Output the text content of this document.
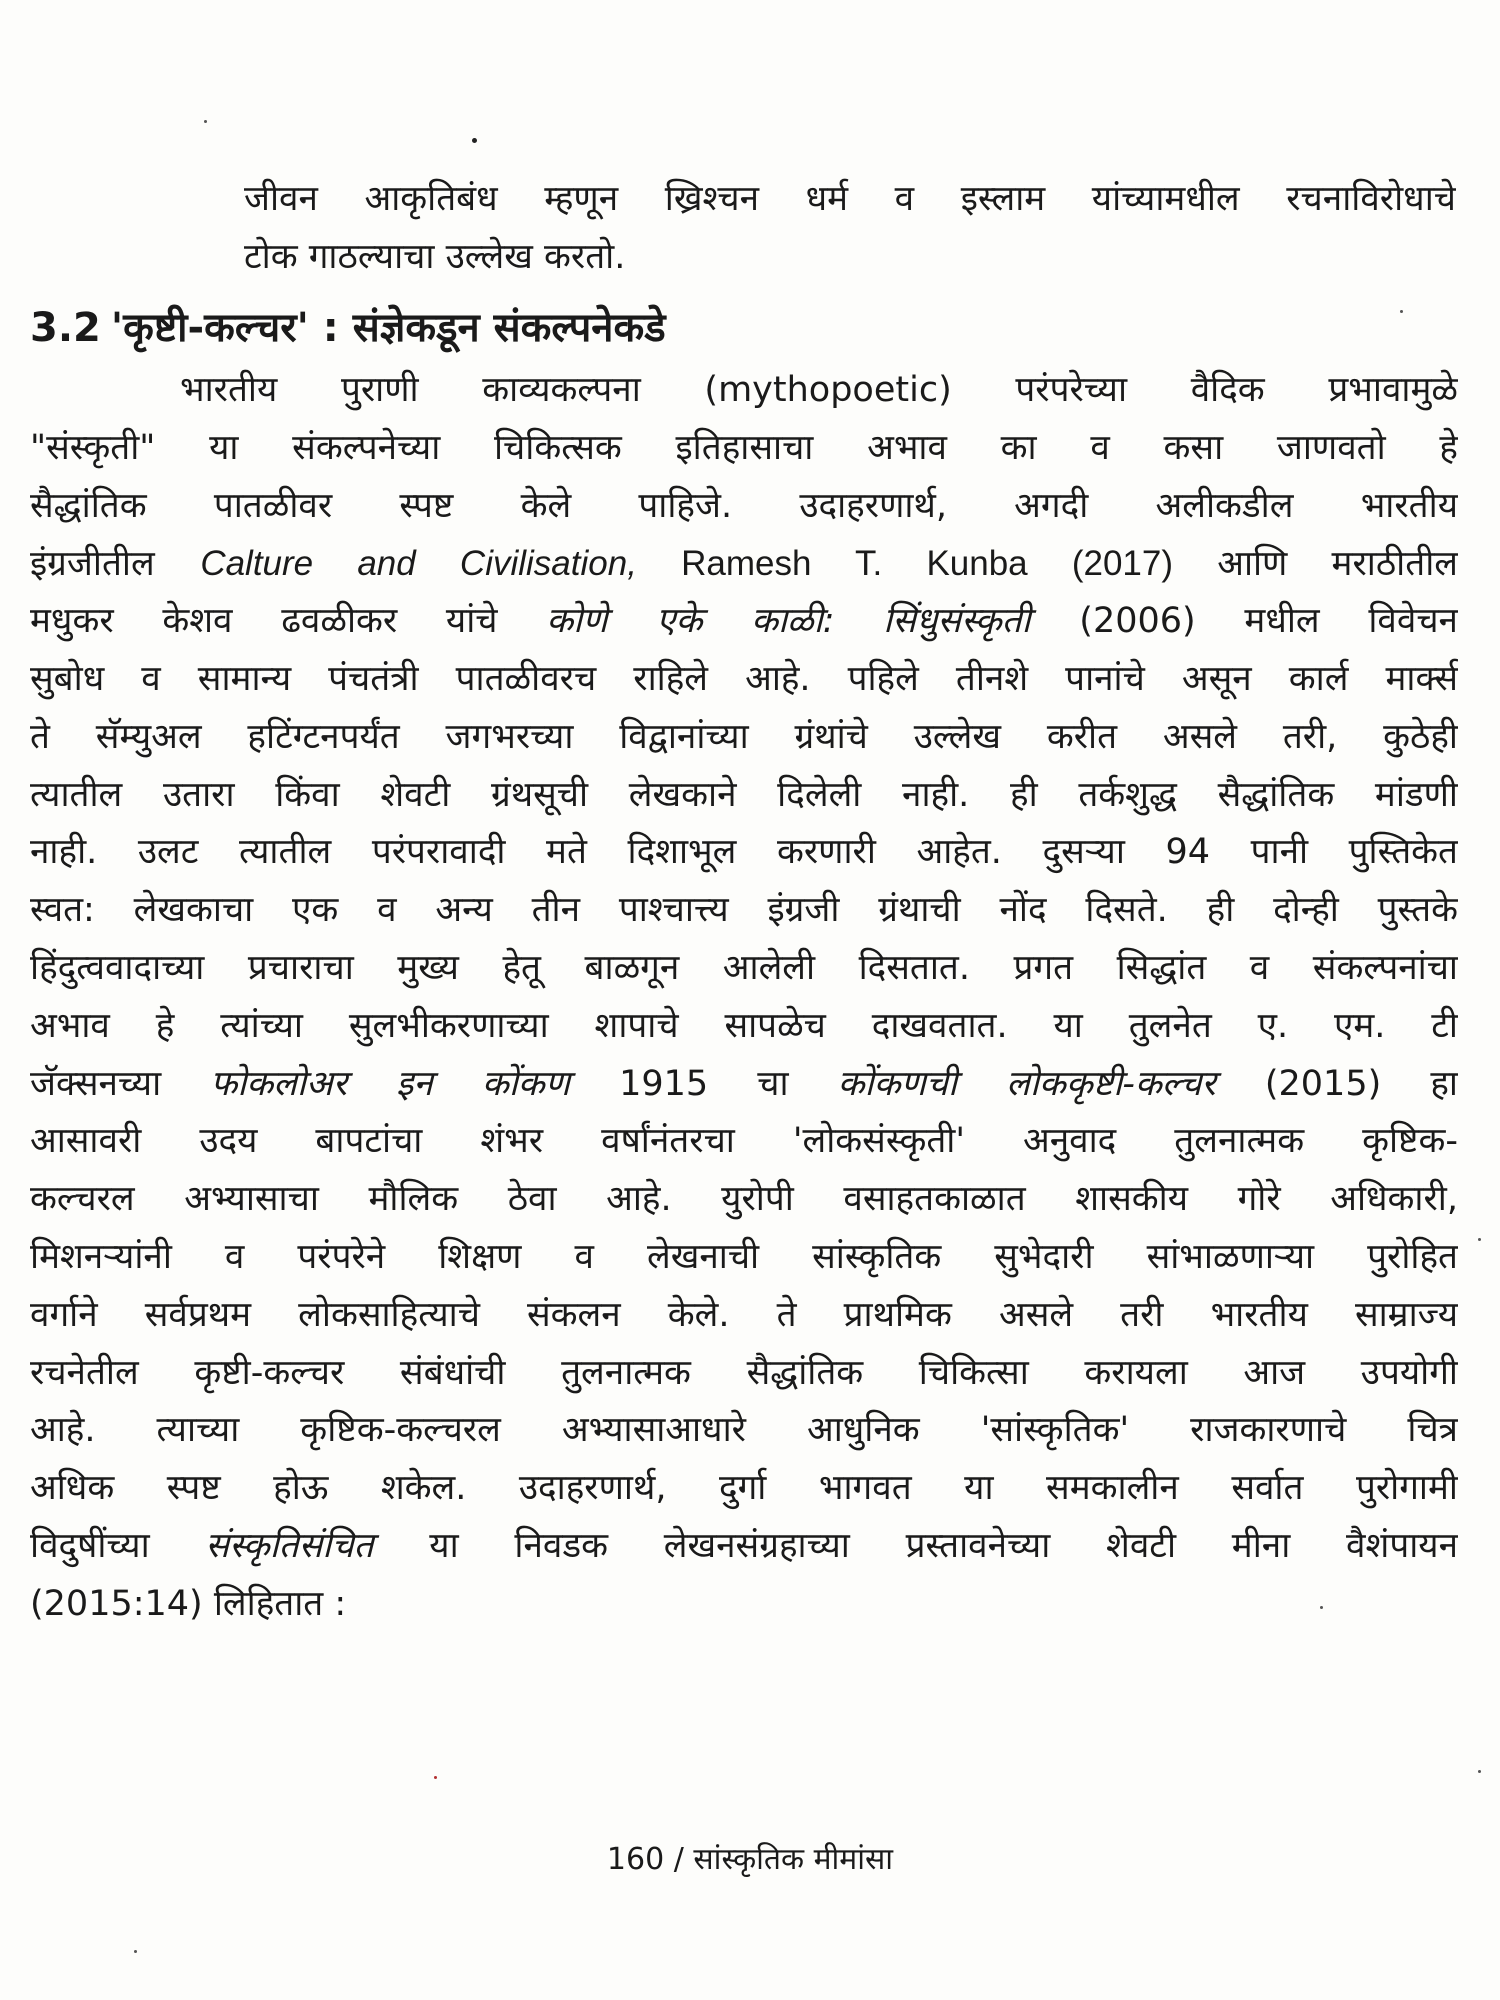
जीवन आकृतिबंध म्हणून ख्रिश्चन धर्म व इस्लाम यांच्यामधील रचनाविरोधाचे
टोक गाठल्याचा उल्लेख करतो.
3.2 'कृष्टी-कल्चर' : संज्ञेकडून संकल्पनेकडे
भारतीय पुराणी काव्यकल्पना (mythopoetic) परंपरेच्या वैदिक प्रभावामुळे
"संस्कृती" या संकल्पनेच्या चिकित्सक इतिहासाचा अभाव का व कसा जाणवतो हे
सैद्धांतिक पातळीवर स्पष्ट केले पाहिजे. उदाहरणार्थ, अगदी अलीकडील भारतीय
इंग्रजीतील Calture and Civilisation, Ramesh T. Kunba (2017) आणि मराठीतील
मधुकर केशव ढवळीकर यांचे कोणे एके काळी: सिंधुसंस्कृती (2006) मधील विवेचन
सुबोध व सामान्य पंचतंत्री पातळीवरच राहिले आहे. पहिले तीनशे पानांचे असून कार्ल मार्क्स
ते सॅम्युअल हटिंग्टनपर्यंत जगभरच्या विद्वानांच्या ग्रंथांचे उल्लेख करीत असले तरी, कुठेही
त्यातील उतारा किंवा शेवटी ग्रंथसूची लेखकाने दिलेली नाही. ही तर्कशुद्ध सैद्धांतिक मांडणी
नाही. उलट त्यातील परंपरावादी मते दिशाभूल करणारी आहेत. दुसऱ्या 94 पानी पुस्तिकेत
स्वत: लेखकाचा एक व अन्य तीन पाश्चात्त्य इंग्रजी ग्रंथाची नोंद दिसते. ही दोन्ही पुस्तके
हिंदुत्ववादाच्या प्रचाराचा मुख्य हेतू बाळगून आलेली दिसतात. प्रगत सिद्धांत व संकल्पनांचा
अभाव हे त्यांच्या सुलभीकरणाच्या शापाचे सापळेच दाखवतात. या तुलनेत ए. एम. टी
जॅक्सनच्या फोकलोअर इन कोंकण 1915 चा कोंकणची लोककृष्टी-कल्चर (2015) हा
आसावरी उदय बापटांचा शंभर वर्षांनंतरचा 'लोकसंस्कृती' अनुवाद तुलनात्मक कृष्टिक-
कल्चरल अभ्यासाचा मौलिक ठेवा आहे. युरोपी वसाहतकाळात शासकीय गोरे अधिकारी,
मिशनऱ्यांनी व परंपरेने शिक्षण व लेखनाची सांस्कृतिक सुभेदारी सांभाळणाऱ्या पुरोहित
वर्गाने सर्वप्रथम लोकसाहित्याचे संकलन केले. ते प्राथमिक असले तरी भारतीय साम्राज्य
रचनेतील कृष्टी-कल्चर संबंधांची तुलनात्मक सैद्धांतिक चिकित्सा करायला आज उपयोगी
आहे. त्याच्या कृष्टिक-कल्चरल अभ्यासाआधारे आधुनिक 'सांस्कृतिक' राजकारणाचे चित्र
अधिक स्पष्ट होऊ शकेल. उदाहरणार्थ, दुर्गा भागवत या समकालीन सर्वात पुरोगामी
विदुषींच्या संस्कृतिसंचित या निवडक लेखनसंग्रहाच्या प्रस्तावनेच्या शेवटी मीना वैशंपायन
(2015:14) लिहितात :
160 / सांस्कृतिक मीमांसा
